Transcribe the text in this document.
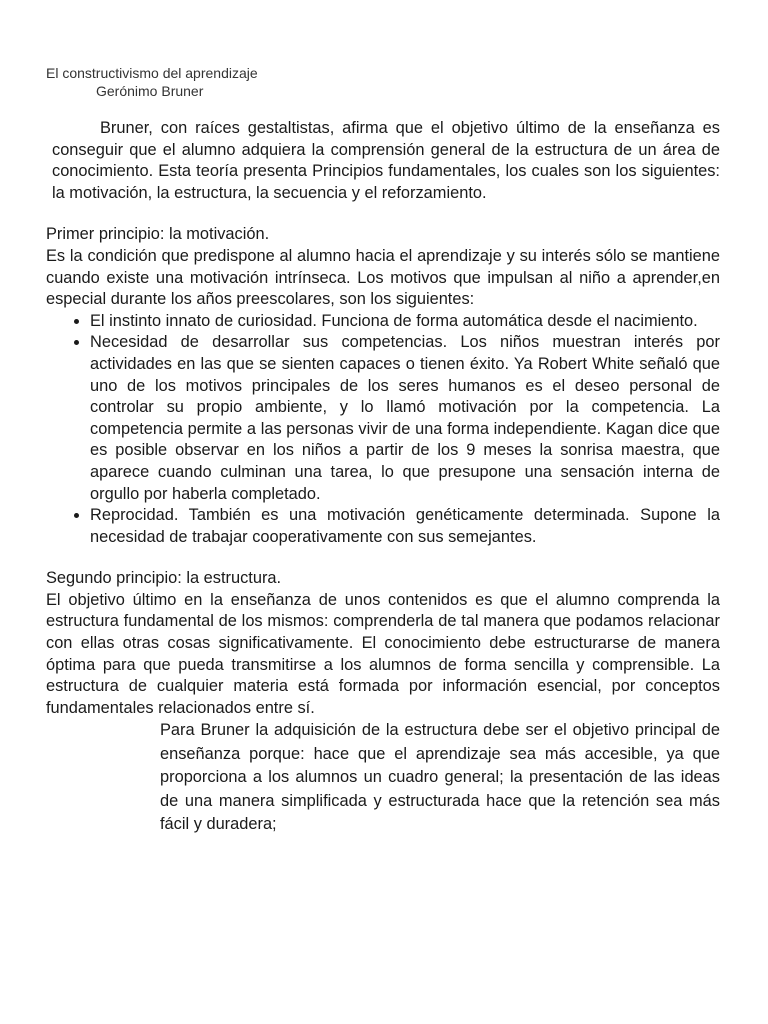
El constructivismo del aprendizaje

Gerónimo Bruner

Bruner, con raíces gestaltistas, afirma que el objetivo último de la enseñanza es conseguir que el alumno adquiera la comprensión general de la estructura de un área de conocimiento. Esta teoría presenta Principios fundamentales, los cuales son los siguientes: la motivación, la estructura, la secuencia y el reforzamiento.

Primer principio: la motivación.

Es la condición que predispone al alumno hacia el aprendizaje y su interés sólo se mantiene cuando existe una motivación intrínseca. Los motivos que impulsan al niño a aprender,en especial durante los años preescolares, son los siguientes:

• El instinto innato de curiosidad. Funciona de forma automática desde el nacimiento.
• Necesidad de desarrollar sus competencias. Los niños muestran interés por actividades en las que se sienten capaces o tienen éxito. Ya Robert White señaló que uno de los motivos principales de los seres humanos es el deseo personal de controlar su propio ambiente, y lo llamó motivación por la competencia. La competencia permite a las personas vivir de una forma independiente. Kagan dice que es posible observar en los niños a partir de los 9 meses la sonrisa maestra, que aparece cuando culminan una tarea, lo que presupone una sensación interna de orgullo por haberla completado.
• Reprocidad. También es una motivación genéticamente determinada. Supone la necesidad de trabajar cooperativamente con sus semejantes.

Segundo principio: la estructura.

El objetivo último en la enseñanza de unos contenidos es que el alumno comprenda la estructura fundamental de los mismos: comprenderla de tal manera que podamos relacionar con ellas otras cosas significativamente. El conocimiento debe estructurarse de manera óptima para que pueda transmitirse a los alumnos de forma sencilla y comprensible. La estructura de cualquier materia está formada por información esencial, por conceptos fundamentales relacionados entre sí.

Para Bruner la adquisición de la estructura debe ser el objetivo principal de enseñanza porque: hace que el aprendizaje sea más accesible, ya que proporciona a los alumnos un cuadro general; la presentación de las ideas de una manera simplificada y estructurada hace que la retención sea más fácil y duradera;
